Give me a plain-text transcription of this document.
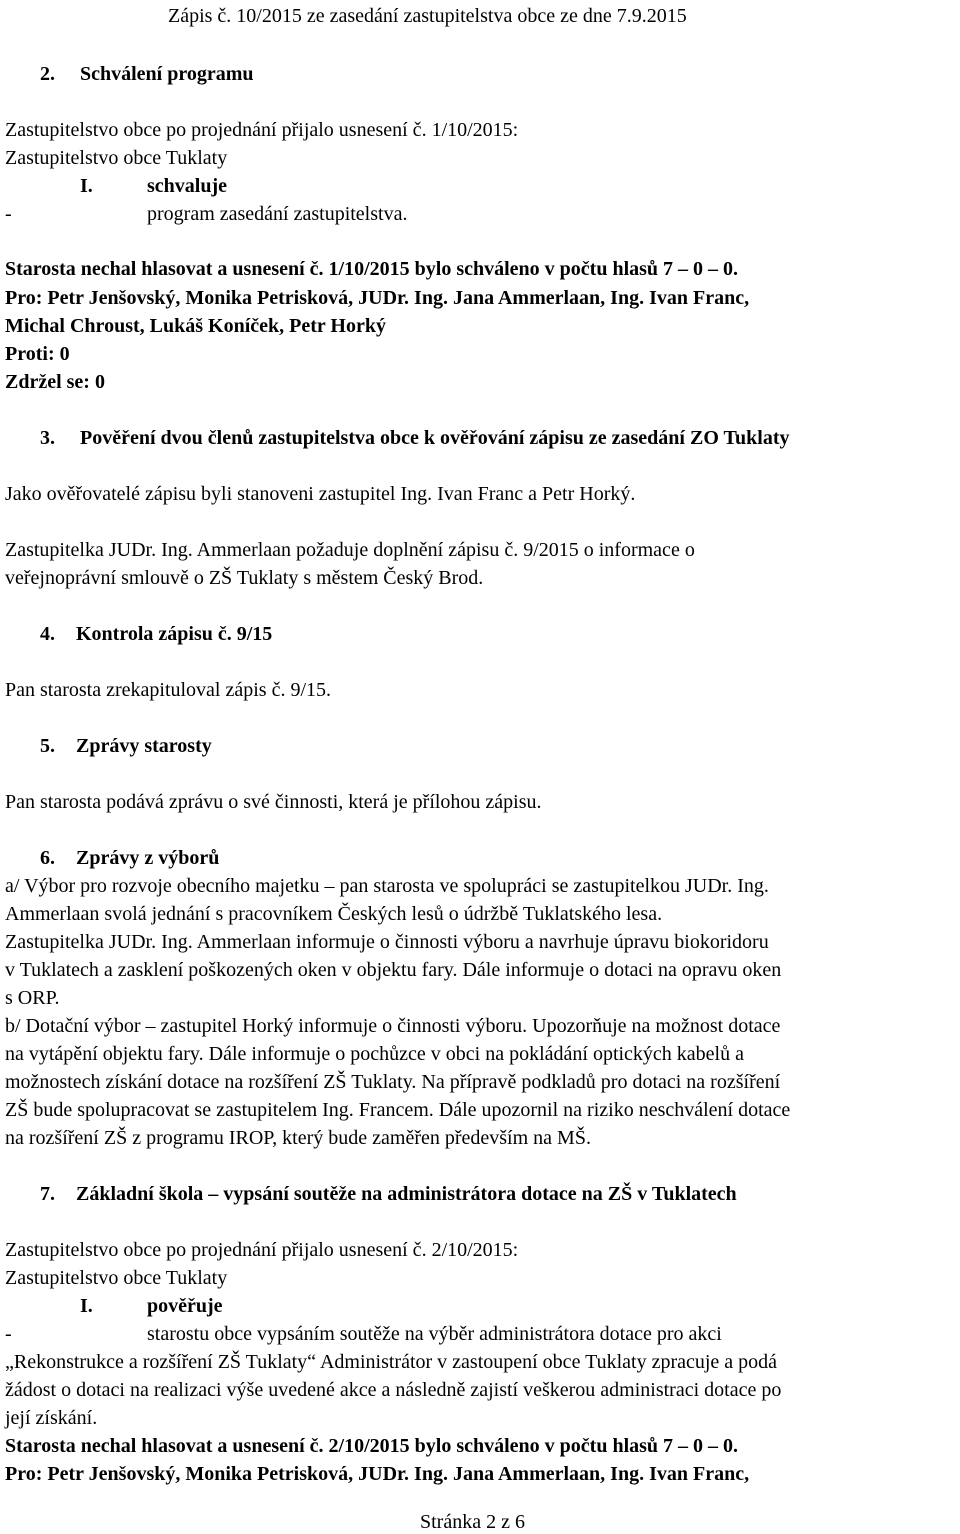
Zápis č. 10/2015 ze zasedání zastupitelstva obce ze dne 7.9.2015
2. Schválení programu
Zastupitelstvo obce po projednání přijalo usnesení č. 1/10/2015:
Zastupitelstvo obce Tuklaty
I.	schvaluje
-	program zasedání zastupitelstva.
Starosta nechal hlasovat a usnesení č. 1/10/2015 bylo schváleno v počtu hlasů 7 – 0 – 0.
Pro: Petr Jenšovský, Monika Petrisková, JUDr. Ing. Jana Ammerlaan, Ing. Ivan Franc,
Michal Chroust, Lukáš Koníček, Petr Horký
Proti: 0
Zdržel se: 0
3. Pověření dvou členů zastupitelstva obce k ověřování zápisu ze zasedání ZO Tuklaty
Jako ověřovatelé zápisu byli stanoveni zastupitel Ing. Ivan Franc a Petr Horký.
Zastupitelka JUDr. Ing. Ammerlaan požaduje doplnění zápisu č. 9/2015 o informace o
veřejnoprávní smlouvě o ZŠ Tuklaty s městem Český Brod.
4. Kontrola zápisu č. 9/15
Pan starosta zrekapituloval zápis č. 9/15.
5. Zprávy starosty
Pan starosta podává zprávu o své činnosti, která je přílohou zápisu.
6. Zprávy z výborů
a/ Výbor pro rozvoje obecního majetku – pan starosta ve spolupráci se zastupitelkou JUDr. Ing.
Ammerlaan svolá jednání s pracovníkem Českých lesů o údržbě Tuklatského lesa.
Zastupitelka JUDr. Ing. Ammerlaan informuje o činnosti výboru a navrhuje úpravu biokoridoru
v Tuklatech a zasklení poškozených oken v objektu fary. Dále informuje o dotaci na opravu oken
s ORP.
b/ Dotační výbor – zastupitel Horký informuje o činnosti výboru. Upozorňuje na možnost dotace
na vytápění objektu fary. Dále informuje o pochůzce v obci na pokládání optických kabelů a
možnostech získání dotace na rozšíření ZŠ Tuklaty. Na přípravě podkladů pro dotaci na rozšíření
ZŠ bude spolupracovat se zastupitelem Ing. Francem. Dále upozornil na riziko neschválení dotace
na rozšíření ZŠ z programu IROP, který bude zaměřen především na MŠ.
7. Základní škola – vypsání soutěže na administrátora dotace na ZŠ v Tuklatech
Zastupitelstvo obce po projednání přijalo usnesení č. 2/10/2015:
Zastupitelstvo obce Tuklaty
I.	pověřuje
-	starostu obce vypsáním soutěže na výběr administrátora dotace pro akci
„Rekonstrukce a rozšíření ZŠ Tuklaty“ Administrátor v zastoupení obce Tuklaty zpracuje a podá
žádost o dotaci na realizaci výše uvedené akce a následně zajistí veškerou administraci dotace po
její získání.
Starosta nechal hlasovat a usnesení č. 2/10/2015 bylo schváleno v počtu hlasů 7 – 0 – 0.
Pro: Petr Jenšovský, Monika Petrisková, JUDr. Ing. Jana Ammerlaan, Ing. Ivan Franc,
Stránka 2 z 6
